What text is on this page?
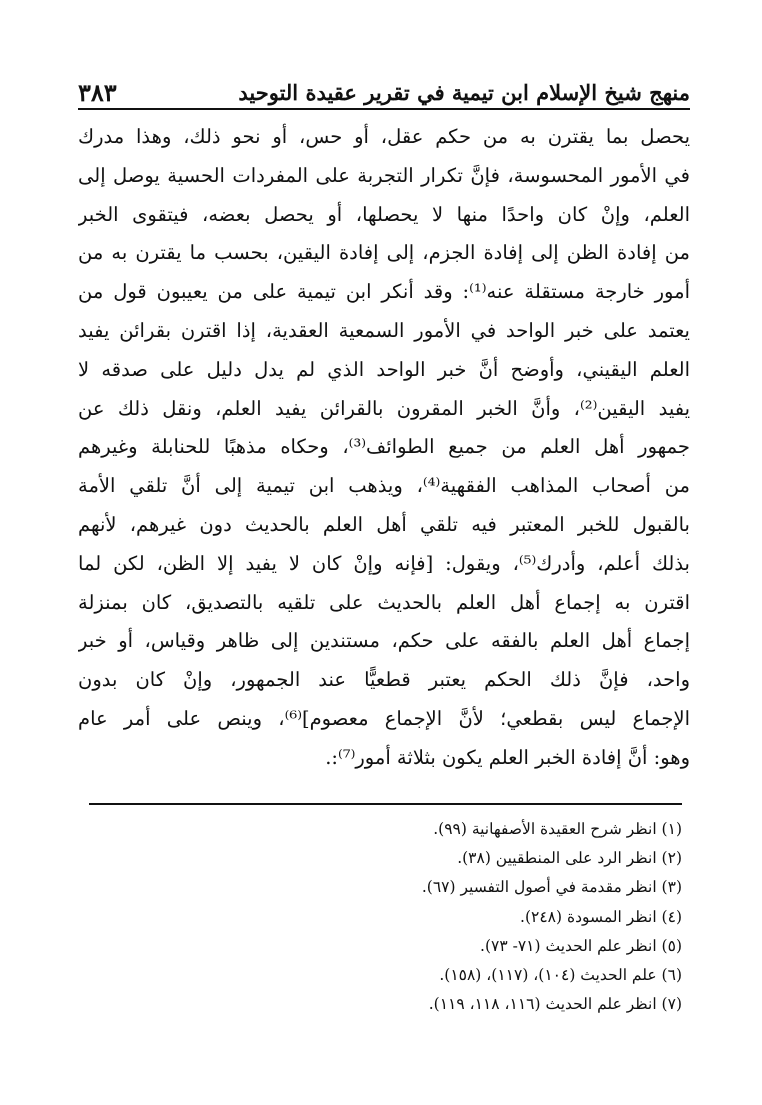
منهج شيخ الإسلام ابن تيمية في تقرير عقيدة التوحيد
٣٨٣
يحصل بما يقترن به من حكم عقل، أو حس، أو نحو ذلك، وهذا مدرك
في الأمور المحسوسة، فإنَّ تكرار التجربة على المفردات الحسية يوصل إلى
العلم، وإنْ كان واحدًا منها لا يحصلها، أو يحصل بعضه، فيتقوى الخبر
من إفادة الظن إلى إفادة الجزم، إلى إفادة اليقين، بحسب ما يقترن به من
أمور خارجة مستقلة عنه⁽¹⁾: وقد أنكر ابن تيمية على من يعيبون قول من
يعتمد على خبر الواحد في الأمور السمعية العقدية، إذا اقترن بقرائن يفيد
العلم اليقيني، وأوضح أنَّ خبر الواحد الذي لم يدل دليل على صدقه لا
يفيد اليقين⁽²⁾، وأنَّ الخبر المقرون بالقرائن يفيد العلم، ونقل ذلك عن
جمهور أهل العلم من جميع الطوائف⁽³⁾، وحكاه مذهبًا للحنابلة وغيرهم
من أصحاب المذاهب الفقهية⁽⁴⁾، ويذهب ابن تيمية إلى أنَّ تلقي الأمة
بالقبول للخبر المعتبر فيه تلقي أهل العلم بالحديث دون غيرهم، لأنهم
بذلك أعلم، وأدرك⁽⁵⁾، ويقول: [فإنه وإنْ كان لا يفيد إلا الظن، لكن لما
اقترن به إجماع أهل العلم بالحديث على تلقيه بالتصديق، كان بمنزلة
إجماع أهل العلم بالفقه على حكم، مستندين إلى ظاهر وقياس، أو خبر
واحد، فإنَّ ذلك الحكم يعتبر قطعيًّا عند الجمهور، وإنْ كان بدون
الإجماع ليس بقطعي؛ لأنَّ الإجماع معصوم]⁽⁶⁾، وينص على أمر عام
وهو: أنَّ إفادة الخبر العلم يكون بثلاثة أمور⁽⁷⁾:.
(١) انظر شرح العقيدة الأصفهانية (٩٩).
(٢) انظر الرد على المنطقيين (٣٨).
(٣) انظر مقدمة في أصول التفسير (٦٧).
(٤) انظر المسودة (٢٤٨).
(٥) انظر علم الحديث (٧١- ٧٣).
(٦) علم الحديث (١٠٤)، (١١٧)، (١٥٨).
(٧) انظر علم الحديث (١١٦، ١١٨، ١١٩).
